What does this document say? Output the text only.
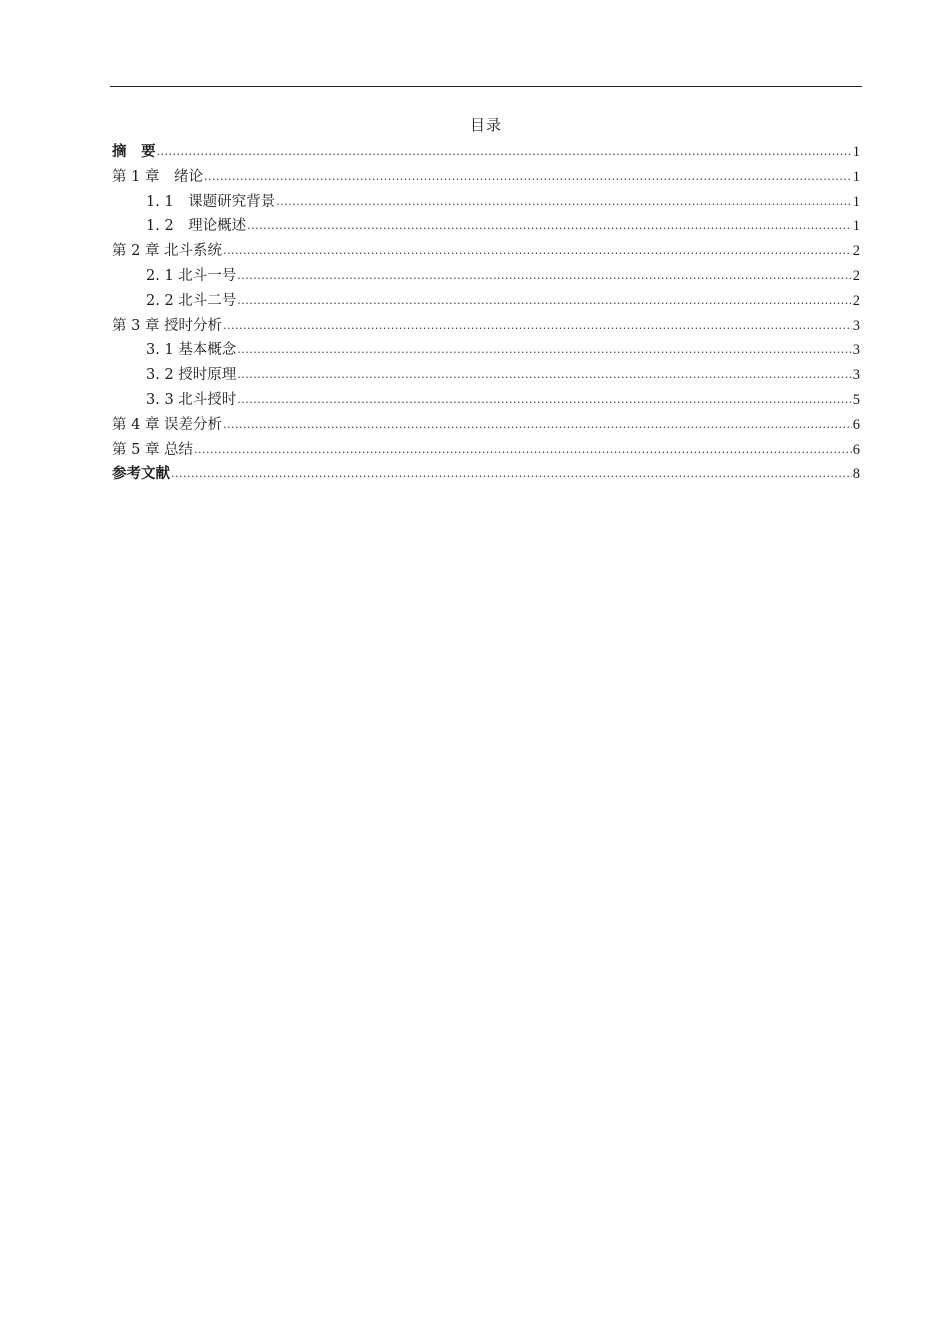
目录
摘　要 .....	1
第 1 章　绪论 .....	1
1. 1　课题研究背景 .....	1
1. 2　理论概述 .....	1
第 2 章 北斗系统 .....	2
2. 1 北斗一号 .....	2
2. 2 北斗二号 .....	2
第 3 章 授时分析 .....	3
3. 1 基本概念 .....	3
3. 2 授时原理 .....	3
3. 3 北斗授时 .....	5
第 4 章 误差分析 .....	6
第 5 章 总结 .....	6
参考文献 .....	8
